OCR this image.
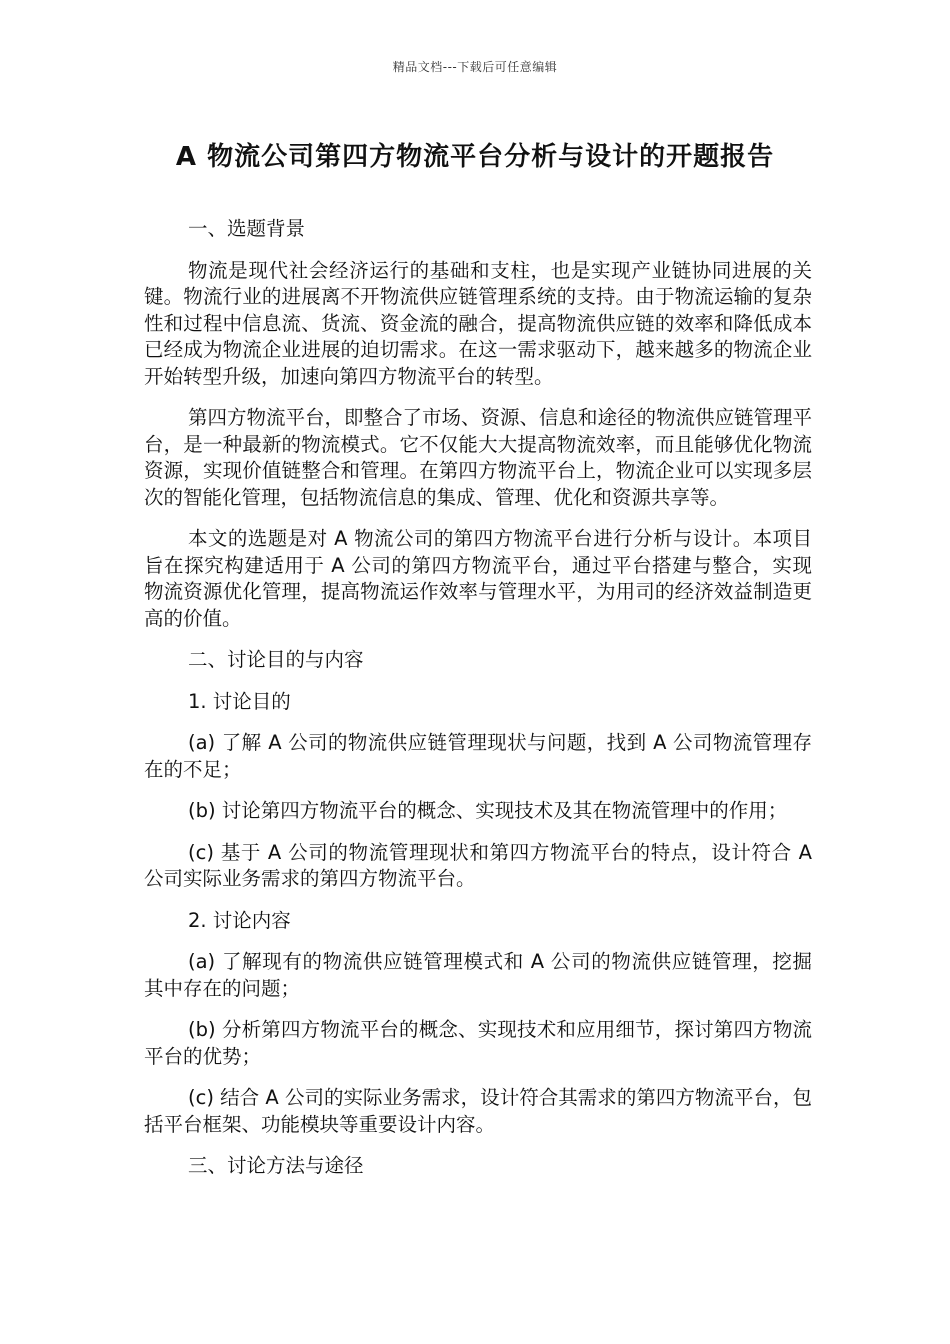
精品文档---下载后可任意编辑
A 物流公司第四方物流平台分析与设计的开题报告
一、选题背景

物流是现代社会经济运行的基础和支柱，也是实现产业链协同进展的关键。物流行业的进展离不开物流供应链管理系统的支持。由于物流运输的复杂性和过程中信息流、货流、资金流的融合，提高物流供应链的效率和降低成本已经成为物流企业进展的迫切需求。在这一需求驱动下，越来越多的物流企业开始转型升级，加速向第四方物流平台的转型。

第四方物流平台，即整合了市场、资源、信息和途径的物流供应链管理平台，是一种最新的物流模式。它不仅能大大提高物流效率，而且能够优化物流资源，实现价值链整合和管理。在第四方物流平台上，物流企业可以实现多层次的智能化管理，包括物流信息的集成、管理、优化和资源共享等。

本文的选题是对 A 物流公司的第四方物流平台进行分析与设计。本项目旨在探究构建适用于 A 公司的第四方物流平台，通过平台搭建与整合，实现物流资源优化管理，提高物流运作效率与管理水平，为用司的经济效益制造更高的价值。

二、讨论目的与内容
1. 讨论目的

(a) 了解 A 公司的物流供应链管理现状与问题，找到 A 公司物流管理存在的不足；

(b) 讨论第四方物流平台的概念、实现技术及其在物流管理中的作用；

(c) 基于 A 公司的物流管理现状和第四方物流平台的特点，设计符合 A 公司实际业务需求的第四方物流平台。

2. 讨论内容

(a) 了解现有的物流供应链管理模式和 A 公司的物流供应链管理，挖掘其中存在的问题；

(b) 分析第四方物流平台的概念、实现技术和应用细节，探讨第四方物流平台的优势；

(c) 结合 A 公司的实际业务需求，设计符合其需求的第四方物流平台，包括平台框架、功能模块等重要设计内容。

三、讨论方法与途径
